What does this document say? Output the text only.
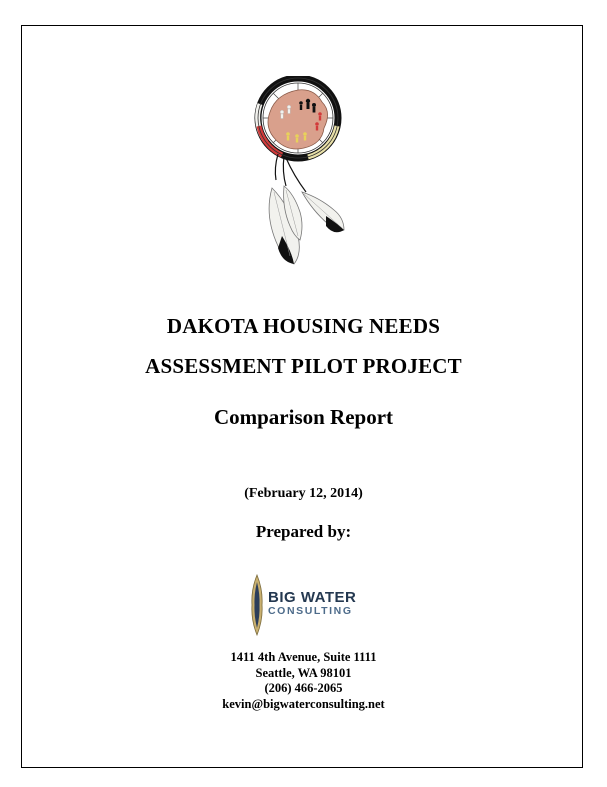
DAKOTA HOUSING NEEDS
ASSESSMENT PILOT PROJECT
Comparison Report
(February 12, 2014)
Prepared by:
BIG WATER
CONSULTING
1411 4th Avenue, Suite 1111
Seattle, WA 98101
(206) 466-2065
kevin@bigwaterconsulting.net
